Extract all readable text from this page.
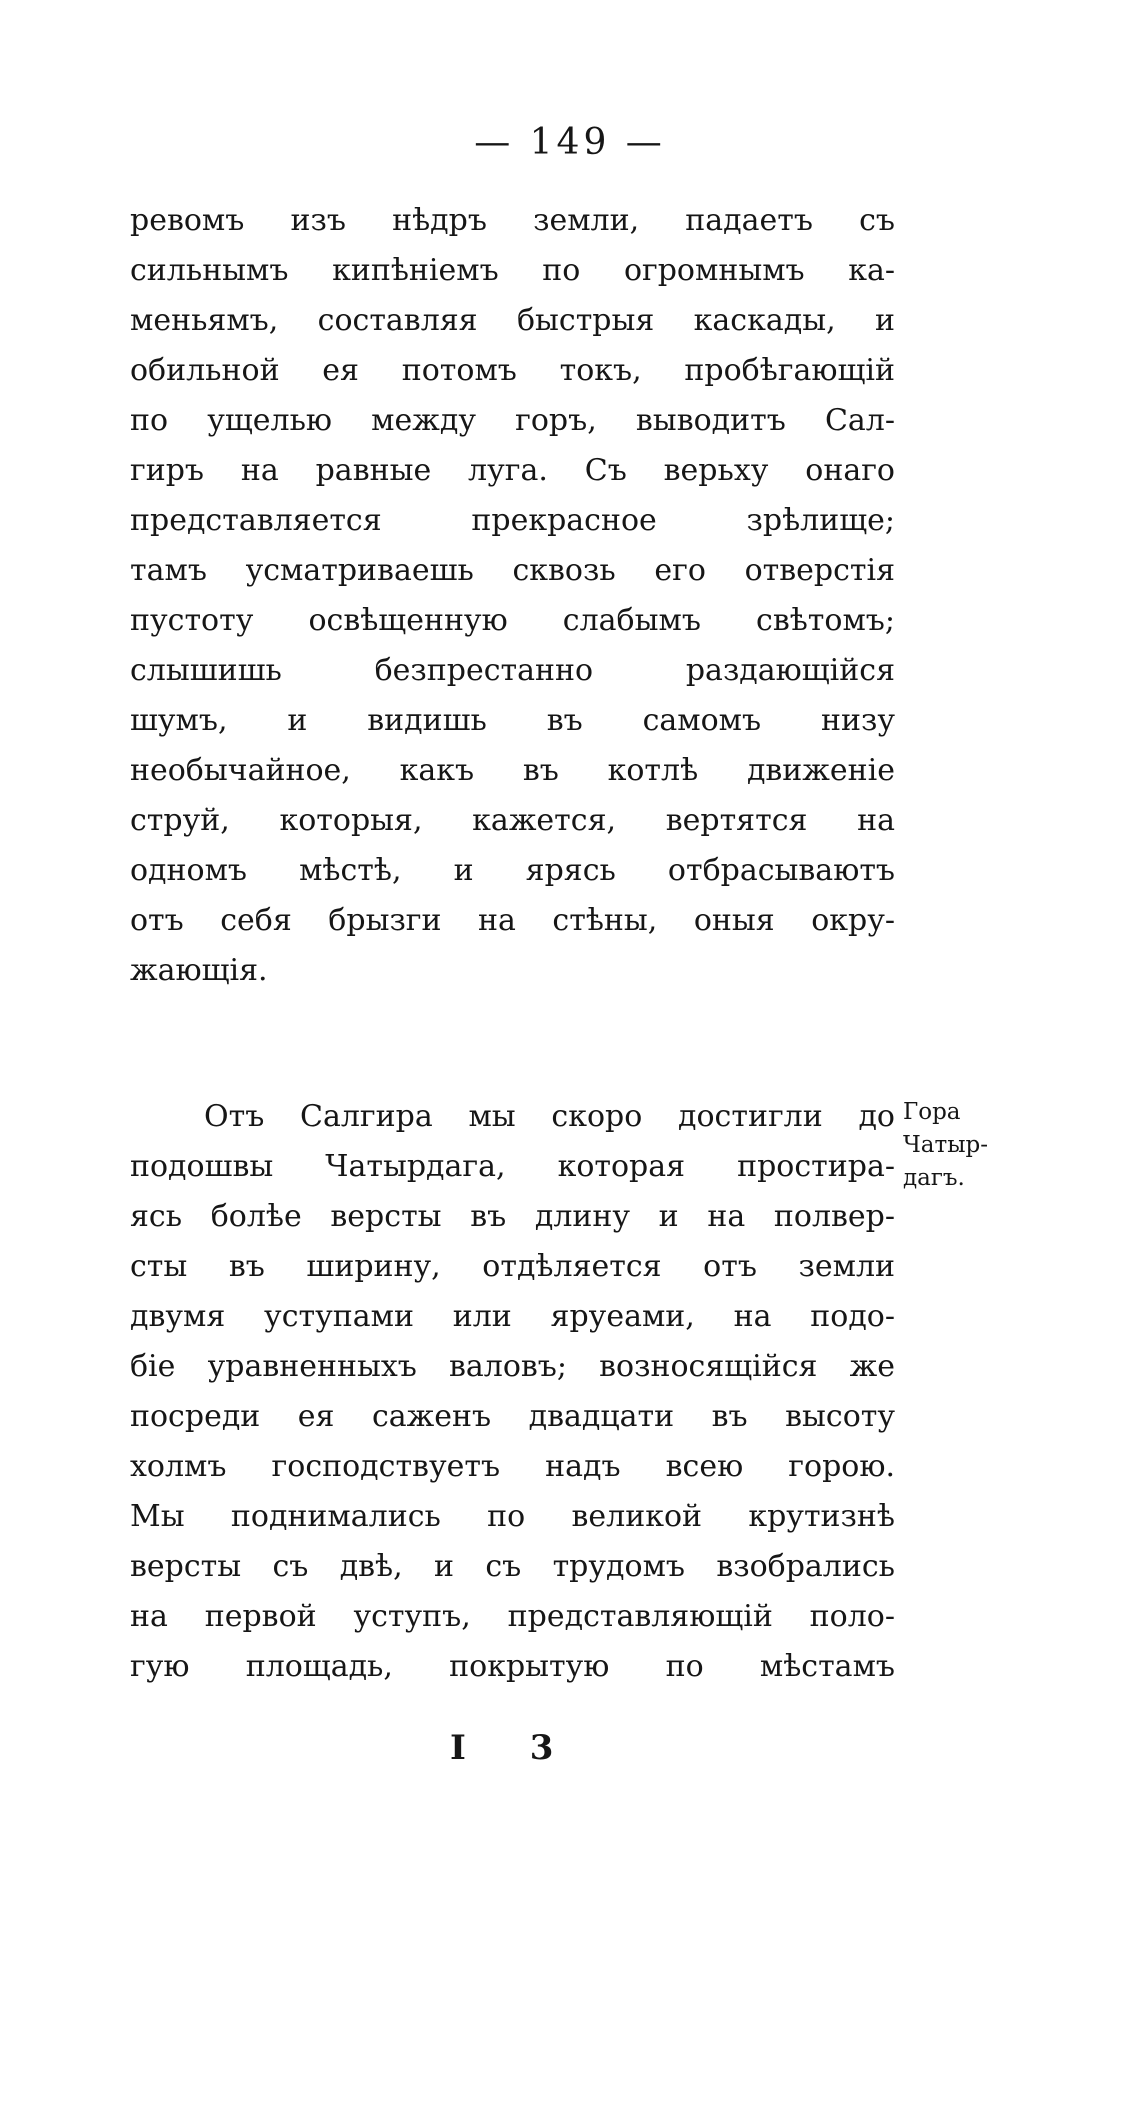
— 149 —
ревомъ изъ нѣдръ земли, падаетъ съ
сильнымъ кипѣніемъ по огромнымъ ка-
меньямъ, составляя быстрыя каскады, и
обильной ея потомъ токъ, пробѣгающій
по ущелью между горъ, выводитъ Сал-
гиръ на равные луга. Съ верьху онаго
представляется прекрасное зрѣлище;
тамъ усматриваешь сквозь его отверстія
пустоту освѣщенную слабымъ свѣтомъ;
слышишь безпрестанно раздающійся
шумъ, и видишь въ самомъ низу
необычайное, какъ въ котлѣ движеніе
струй, которыя, кажется, вертятся на
одномъ мѣстѣ, и ярясь отбрасываютъ
отъ себя брызги на стѣны, оныя окру-
жающія.
Отъ Салгира мы скоро достигли до
подошвы Чатырдага, которая простира-
ясь болѣе версты въ длину и на полвер-
сты въ ширину, отдѣляется отъ земли
двумя уступами или яруеами, на подо-
біе уравненныхъ валовъ; возносящійся же
посреди ея саженъ двадцати въ высоту
холмъ господствуетъ надъ всею горою.
Мы поднимались по великой крутизнѣ
версты съ двѣ, и съ трудомъ взобрались
на первой уступъ, представляющій поло-
гую площадь, покрытую по мѣстамъ
Гора
Чатыр-
дагъ.
I 3
